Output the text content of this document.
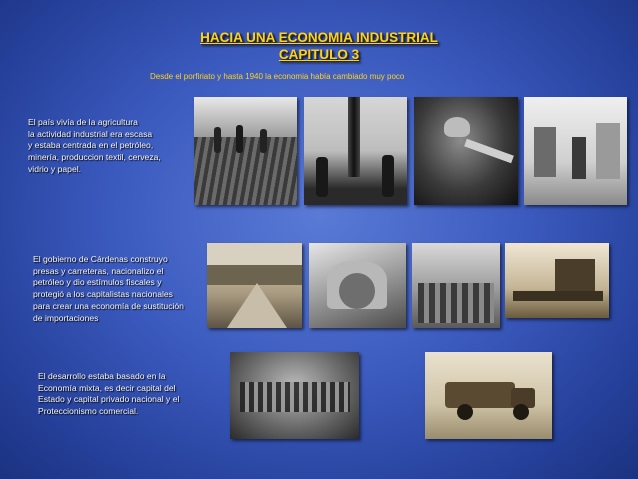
HACIA UNA ECONOMIA INDUSTRIAL
CAPITULO 3
Desde el porfiriato y hasta 1940 la economia había cambiado muy poco
El país vivía de la agricultura
la actividad industrial era escasa
y estaba centrada en el petróleo,
minería, produccion textil, cerveza,
vidrio y papel.
El gobierno de Cárdenas construyo
presas y carreteras, nacionalizo el
petróleo y dio estímulos fiscales y
protegió a los capitalistas nacionales
para crear una economía de sustitución
de importaciones
El desarrollo estaba basado en la
Economía mixta, es decir capital del
Estado y capital privado nacional y el
Proteccionismo comercial.
